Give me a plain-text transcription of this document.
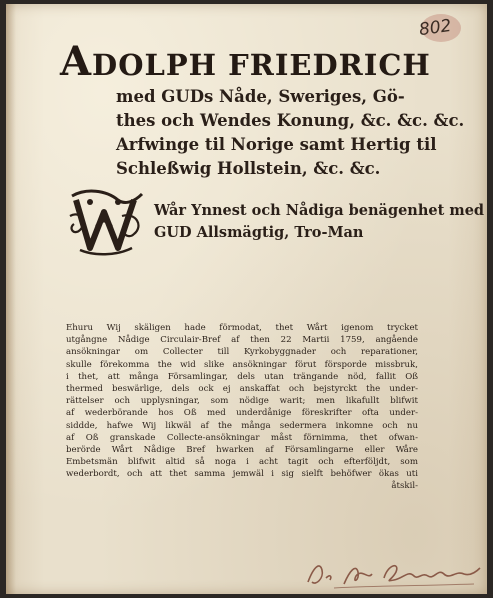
802
ADOLPH FRIEDRICH
med GUDs Nåde, Sweriges, Gö-
thes och Wendes Konung, &c. &c. &c.
Arfwinge til Norige samt Hertig til
Schleßwig Hollstein, &c. &c.
Wår Ynnest och Nådiga benägenhet med
GUD Allsmägtig, Tro-Man
Ehuru Wij skäligen hade förmodat, thet Wårt igenom trycket
utgångne Nådige Circulair-Bref af then 22 Martii 1759, angående
ansökningar om Collecter till Kyrkobyggnader och reparationer,
skulle förekomma the wid slike ansökningar förut försporde missbruk,
i thet, att många Församlingar, dels utan trängande nöd, fallit Oß
thermed beswärlige, dels ock ej anskaffat och bejstyrckt the under-
rättelser och upplysningar, som nödige warit; men likafullt blifwit
af wederbörande hos Oß med underdånige föreskrifter ofta under-
siddde, hafwe Wij likwäl af the många sedermera inkomne och nu
af Oß granskade Collecte-ansökningar måst förnimma, thet ofwan-
berörde Wårt Nådige Bref hwarken af Församlingarne eller Wåre
Embetsmän blifwit altid så noga i acht tagit och efterföljdt, som
wederbordt, och att thet samma jemwäl i sig sielft behöfwer ökas uti
åtskil-
